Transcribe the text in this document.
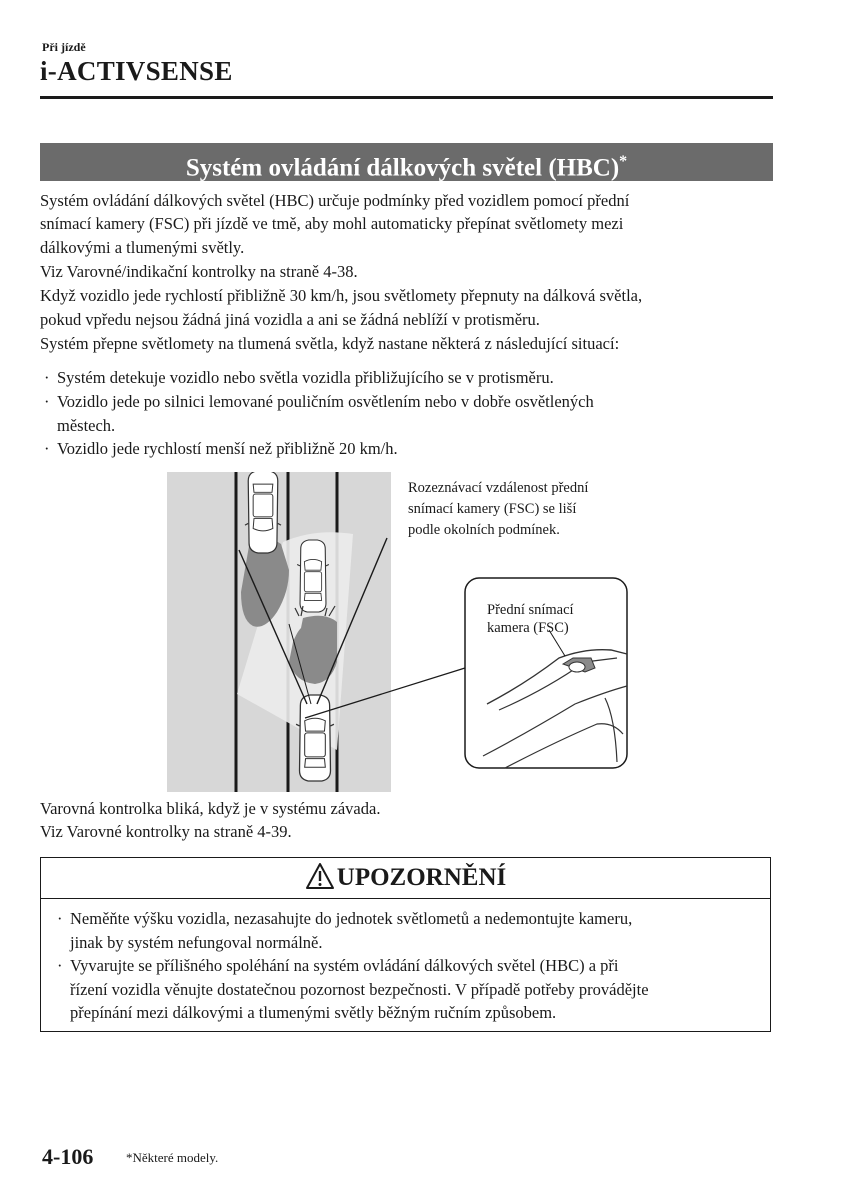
Při jízdě
i-ACTIVSENSE
Systém ovládání dálkových světel (HBC)*
Systém ovládání dálkových světel (HBC) určuje podmínky před vozidlem pomocí přední
snímací kamery (FSC) při jízdě ve tmě, aby mohl automaticky přepínat světlomety mezi
dálkovými a tlumenými světly.
Viz Varovné/indikační kontrolky na straně 4-38.
Když vozidlo jede rychlostí přibližně 30 km/h, jsou světlomety přepnuty na dálková světla,
pokud vpředu nejsou žádná jiná vozidla a ani se žádná neblíží v protisměru.
Systém přepne světlomety na tlumená světla, když nastane některá z následující situací:
· Systém detekuje vozidlo nebo světla vozidla přibližujícího se v protisměru.
· Vozidlo jede po silnici lemované pouličním osvětlením nebo v dobře osvětlených
městech.
· Vozidlo jede rychlostí menší než přibližně 20 km/h.
Přední snímací
kamera (FSC)
Rozeznávací vzdálenost přední
snímací kamery (FSC) se liší
podle okolních podmínek.
Varovná kontrolka bliká, když je v systému závada.
Viz Varovné kontrolky na straně 4-39.
UPOZORNĚNÍ
· Neměňte výšku vozidla, nezasahujte do jednotek světlometů a nedemontujte kameru,
jinak by systém nefungoval normálně.
· Vyvarujte se přílišného spoléhání na systém ovládání dálkových světel (HBC) a při
řízení vozidla věnujte dostatečnou pozornost bezpečnosti. V případě potřeby provádějte
přepínání mezi dálkovými a tlumenými světly běžným ručním způsobem.
4-106	*Některé modely.
